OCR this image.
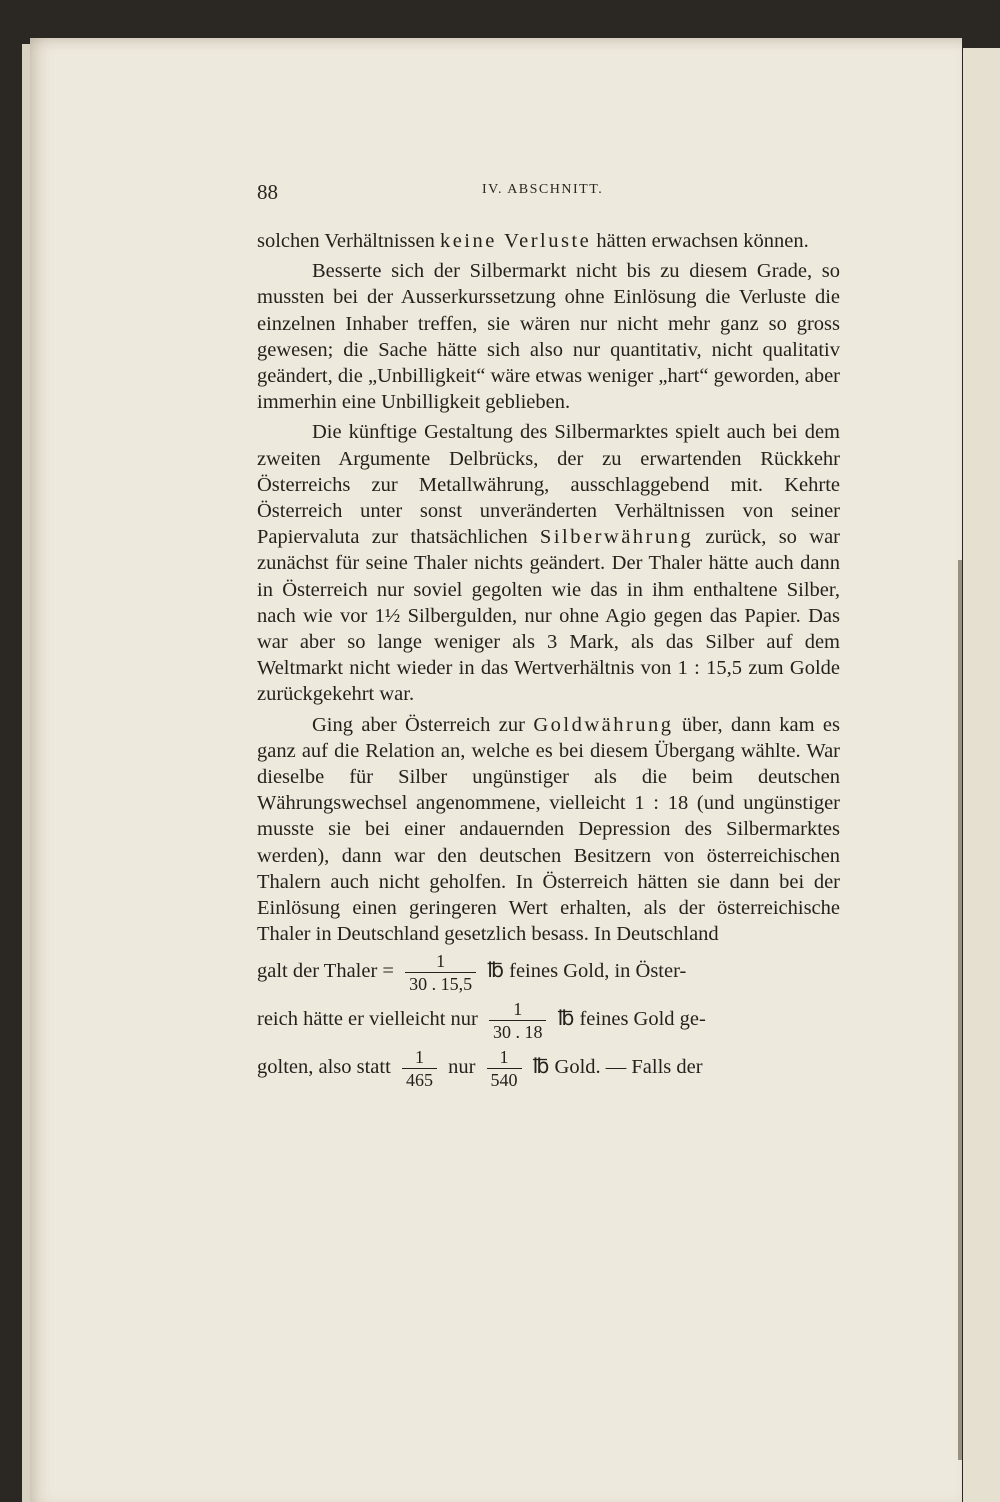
88	IV. ABSCHNITT.

solchen Verhältnissen keine Verluste hätten erwachsen können.

Besserte sich der Silbermarkt nicht bis zu diesem Grade, so mussten bei der Ausserkurssetzung ohne Einlösung die Verluste die einzelnen Inhaber treffen, sie wären nur nicht mehr ganz so gross gewesen; die Sache hätte sich also nur quantitativ, nicht qualitativ geändert, die „Unbilligkeit“ wäre etwas weniger „hart“ geworden, aber immerhin eine Unbilligkeit geblieben.

Die künftige Gestaltung des Silbermarktes spielt auch bei dem zweiten Argumente Delbrücks, der zu erwartenden Rückkehr Österreichs zur Metallwährung, ausschlaggebend mit. Kehrte Österreich unter sonst unveränderten Verhältnissen von seiner Papiervaluta zur thatsächlichen Silberwährung zurück, so war zunächst für seine Thaler nichts geändert. Der Thaler hätte auch dann in Österreich nur soviel gegolten wie das in ihm enthaltene Silber, nach wie vor 1½ Silbergulden, nur ohne Agio gegen das Papier. Das war aber so lange weniger als 3 Mark, als das Silber auf dem Weltmarkt nicht wieder in das Wertverhältnis von 1 : 15,5 zum Golde zurückgekehrt war.

Ging aber Österreich zur Goldwährung über, dann kam es ganz auf die Relation an, welche es bei diesem Übergang wählte. War dieselbe für Silber ungünstiger als die beim deutschen Währungswechsel angenommene, vielleicht 1 : 18 (und ungünstiger musste sie bei einer andauernden Depression des Silbermarktes werden), dann war den deutschen Besitzern von österreichischen Thalern auch nicht geholfen. In Österreich hätten sie dann bei der Einlösung einen geringeren Wert erhalten, als der österreichische Thaler in Deutschland gesetzlich besass. In Deutschland

galt der Thaler = $\frac{1}{30 . 15,5}$ ℔ feines Gold, in Öster-

reich hätte er vielleicht nur $\frac{1}{30 . 18}$ ℔ feines Gold ge-

golten, also statt $\frac{1}{465}$ nur $\frac{1}{540}$ ℔ Gold. — Falls der
